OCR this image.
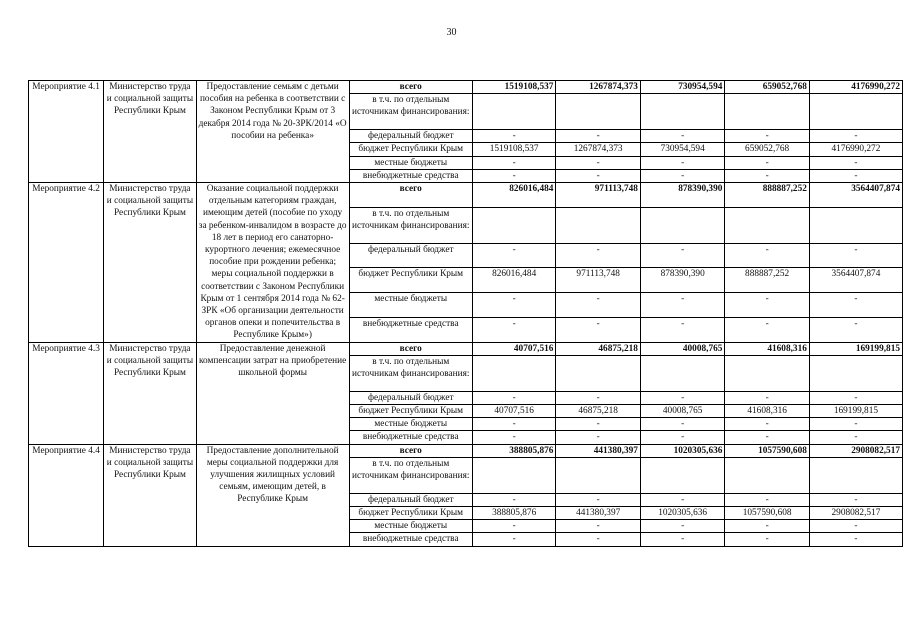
30
Мероприятие 4.1	Министерство труда и социальной защиты Республики Крым	Предоставление семьям с детьми пособия на ребенка в соответствии с Законом Республики Крым от 3 декабря 2014 года № 20-ЗРК/2014 «О пособии на ребенка»	всего	1519108,537	1267874,373	730954,594	659052,768	4176990,272
			в т.ч. по отдельным источникам финансирования:					
			федеральный бюджет	-	-	-	-	-
			бюджет Республики Крым	1519108,537	1267874,373	730954,594	659052,768	4176990,272
			местные бюджеты	-	-	-	-	-
			внебюджетные средства	-	-	-	-	-
Мероприятие 4.2	Министерство труда и социальной защиты Республики Крым	Оказание социальной поддержки отдельным категориям граждан, имеющим детей (пособие по уходу за ребенком-инвалидом в возрасте до 18 лет в период его санаторно-курортного лечения; ежемесячное пособие при рождении ребенка; меры социальной поддержки в соответствии с Законом Республики Крым от 1 сентября 2014 года № 62-ЗРК «Об организации деятельности органов опеки и попечительства в Республике Крым»)	всего	826016,484	971113,748	878390,390	888887,252	3564407,874
			в т.ч. по отдельным источникам финансирования:					
			федеральный бюджет	-	-	-	-	-
			бюджет Республики Крым	826016,484	971113,748	878390,390	888887,252	3564407,874
			местные бюджеты	-	-	-	-	-
			внебюджетные средства	-	-	-	-	-
Мероприятие 4.3	Министерство труда и социальной защиты Республики Крым	Предоставление денежной компенсации затрат на приобретение школьной формы	всего	40707,516	46875,218	40008,765	41608,316	169199,815
			в т.ч. по отдельным источникам финансирования:					
			федеральный бюджет	-	-	-	-	-
			бюджет Республики Крым	40707,516	46875,218	40008,765	41608,316	169199,815
			местные бюджеты	-	-	-	-	-
			внебюджетные средства	-	-	-	-	-
Мероприятие 4.4	Министерство труда и социальной защиты Республики Крым	Предоставление дополнительной меры социальной поддержки для улучшения жилищных условий семьям, имеющим детей, в Республике Крым	всего	388805,876	441380,397	1020305,636	1057590,608	2908082,517
			в т.ч. по отдельным источникам финансирования:					
			федеральный бюджет	-	-	-	-	-
			бюджет Республики Крым	388805,876	441380,397	1020305,636	1057590,608	2908082,517
			местные бюджеты	-	-	-	-	-
			внебюджетные средства	-	-	-	-	-
